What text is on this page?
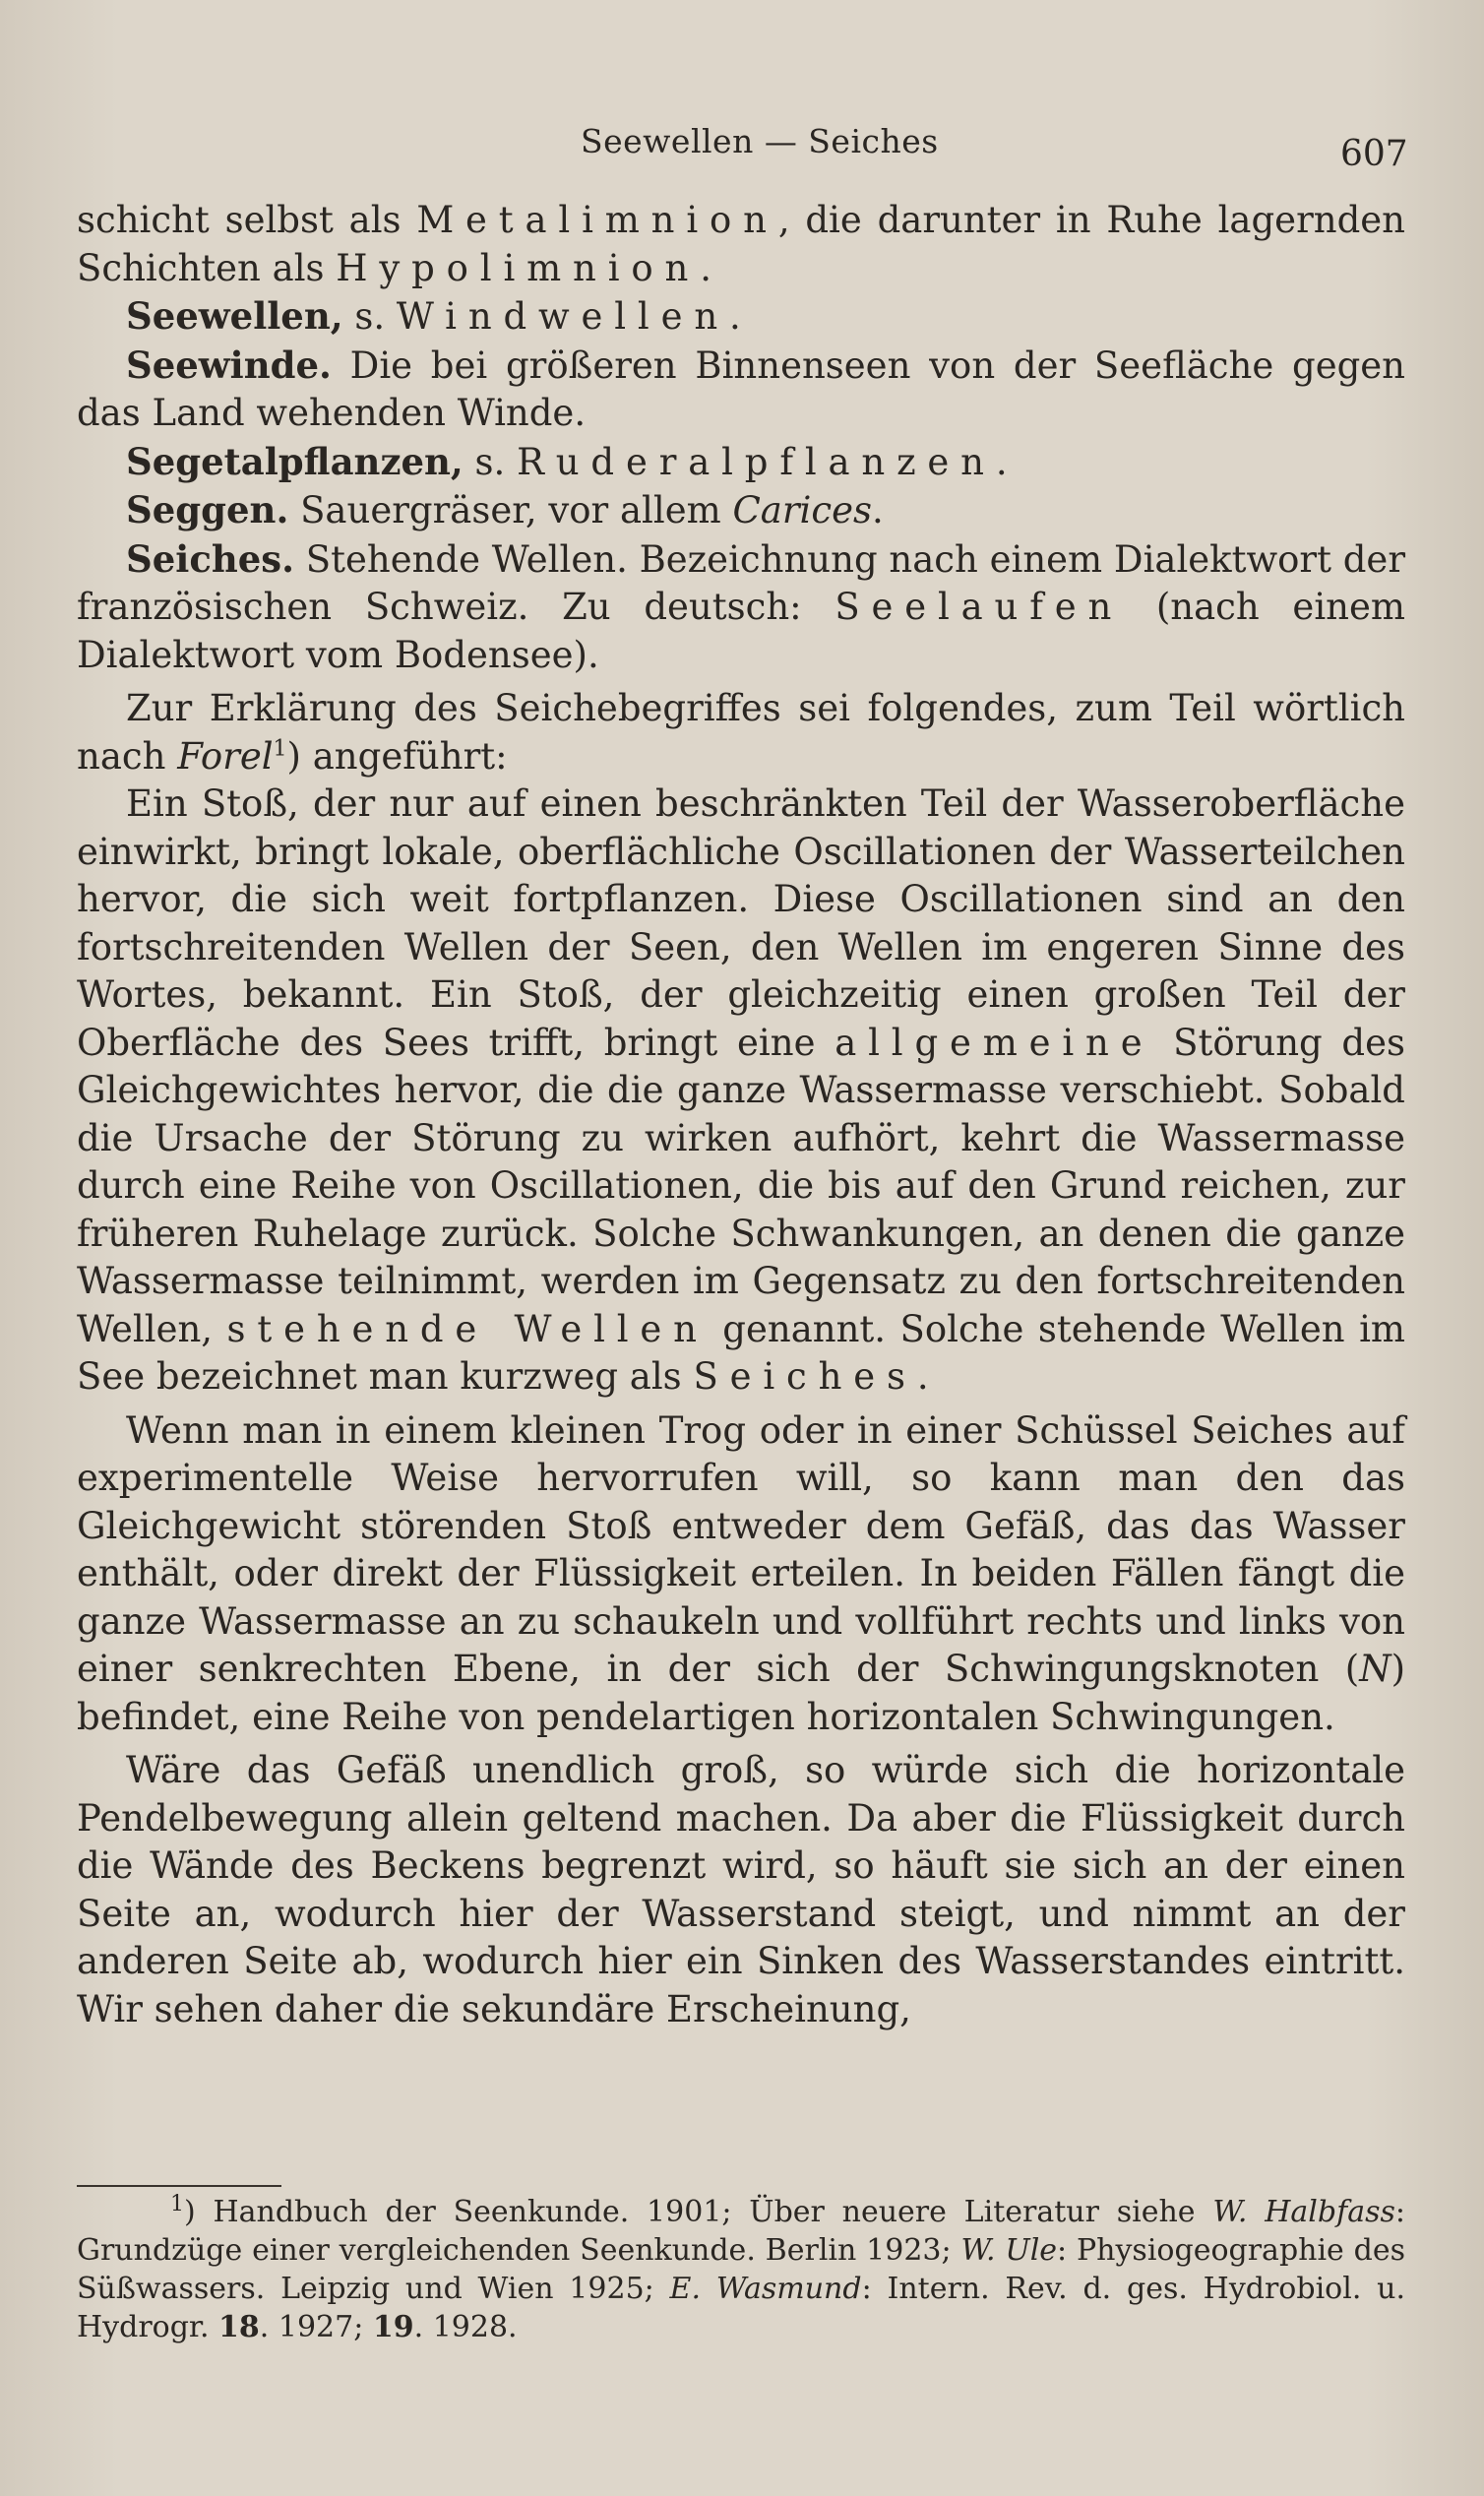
Seewellen — Seiches	607

schicht selbst als Metalimnion, die darunter in Ruhe lagernden Schichten als Hypolimnion.

Seewellen, s. Windwellen.

Seewinde. Die bei größeren Binnenseen von der Seefläche gegen das Land wehenden Winde.

Segetalpflanzen, s. Ruderalpflanzen.

Seggen. Sauergräser, vor allem Carices.

Seiches. Stehende Wellen. Bezeichnung nach einem Dialektwort der französischen Schweiz. Zu deutsch: Seelaufen (nach einem Dialektwort vom Bodensee).

Zur Erklärung des Seichebegriffes sei folgendes, zum Teil wörtlich nach Forel$^1$) angeführt:

Ein Stoß, der nur auf einen beschränkten Teil der Wasseroberfläche einwirkt, bringt lokale, oberflächliche Oscillationen der Wasserteilchen hervor, die sich weit fortpflanzen. Diese Oscillationen sind an den fortschreitenden Wellen der Seen, den Wellen im engeren Sinne des Wortes, bekannt. Ein Stoß, der gleichzeitig einen großen Teil der Oberfläche des Sees trifft, bringt eine allgemeine Störung des Gleichgewichtes hervor, die die ganze Wassermasse verschiebt. Sobald die Ursache der Störung zu wirken aufhört, kehrt die Wassermasse durch eine Reihe von Oscillationen, die bis auf den Grund reichen, zur früheren Ruhelage zurück. Solche Schwankungen, an denen die ganze Wassermasse teilnimmt, werden im Gegensatz zu den fortschreitenden Wellen, stehende Wellen genannt. Solche stehende Wellen im See bezeichnet man kurzweg als Seiches.

Wenn man in einem kleinen Trog oder in einer Schüssel Seiches auf experimentelle Weise hervorrufen will, so kann man den das Gleichgewicht störenden Stoß entweder dem Gefäß, das das Wasser enthält, oder direkt der Flüssigkeit erteilen. In beiden Fällen fängt die ganze Wassermasse an zu schaukeln und vollführt rechts und links von einer senkrechten Ebene, in der sich der Schwingungsknoten (N) befindet, eine Reihe von pendelartigen horizontalen Schwingungen.

Wäre das Gefäß unendlich groß, so würde sich die horizontale Pendelbewegung allein geltend machen. Da aber die Flüssigkeit durch die Wände des Beckens begrenzt wird, so häuft sie sich an der einen Seite an, wodurch hier der Wasserstand steigt, und nimmt an der anderen Seite ab, wodurch hier ein Sinken des Wasserstandes eintritt. Wir sehen daher die sekundäre Erscheinung,

$^1$) Handbuch der Seenkunde. 1901; Über neuere Literatur siehe W. Halbfass: Grundzüge einer vergleichenden Seenkunde. Berlin 1923; W. Ule: Physiogeographie des Süßwassers. Leipzig und Wien 1925; E. Wasmund: Intern. Rev. d. ges. Hydrobiol. u. Hydrogr. 18. 1927; 19. 1928.
